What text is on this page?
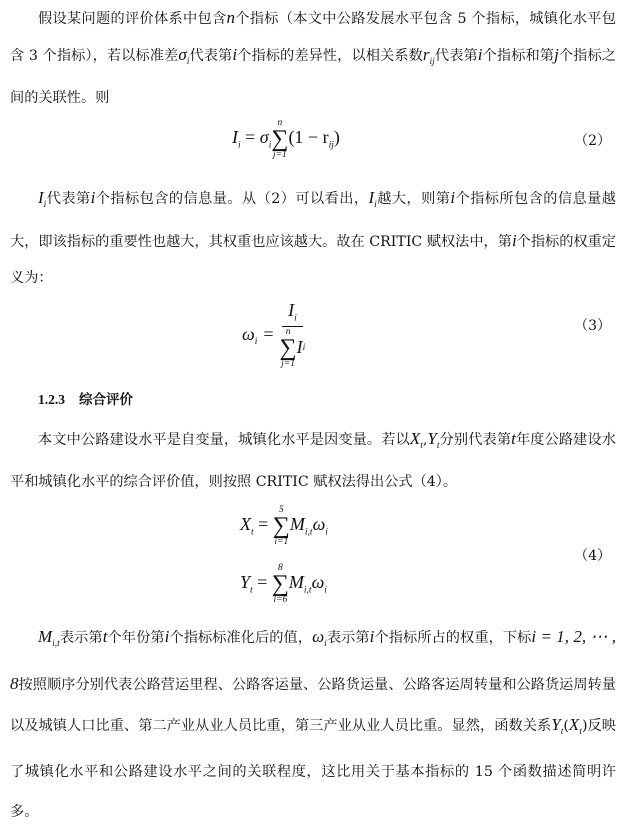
假设某问题的评价体系中包含n个指标（本文中公路发展水平包含 5 个指标，城镇化水平包含 3 个指标），若以标准差$\sigma_i$代表第i个指标的差异性，以相关系数$r_{ij}$代表第i个指标和第j个指标之间的关联性。则

$I_i = \sigma_i$
n
∑
j=1
$(1 - r_{ij})$	（2）

$I_i$代表第i个指标包含的信息量。从（2）可以看出，$I_i$越大，则第i个指标所包含的信息量越大，即该指标的重要性也越大，其权重也应该越大。故在 CRITIC 赋权法中，第i个指标的权重定义为：

$\omega_i = I_i$
n
∑
j=1
I i	（3）
1.2.3 综合评价

本文中公路建设水平是自变量，城镇化水平是因变量。若以$X_t,Y_t$分别代表第t年度公路建设水平和城镇化水平的综合评价值，则按照 CRITIC 赋权法得出公式（4）。

$X_t$ =
5
∑
i=1
$M_{i,t}\omega_i$
$Y_t$ =
8
∑
i=6
$M_{i,t}\omega_i$
（4）

$M_{i,t}$表示第t个年份第i个指标标准化后的值，$\omega_i$表示第i个指标所占的权重，下标i = 1, 2, ⋯ , 8按照顺序分别代表公路营运里程、公路客运量、公路货运量、公路客运周转量和公路货运周转量以及城镇人口比重、第二产业从业人员比重，第三产业从业人员比重。显然，函数关系$Y_t(X_t)$反映了城镇化水平和公路建设水平之间的关联程度，这比用关于基本指标的 15 个函数描述简明许多。
